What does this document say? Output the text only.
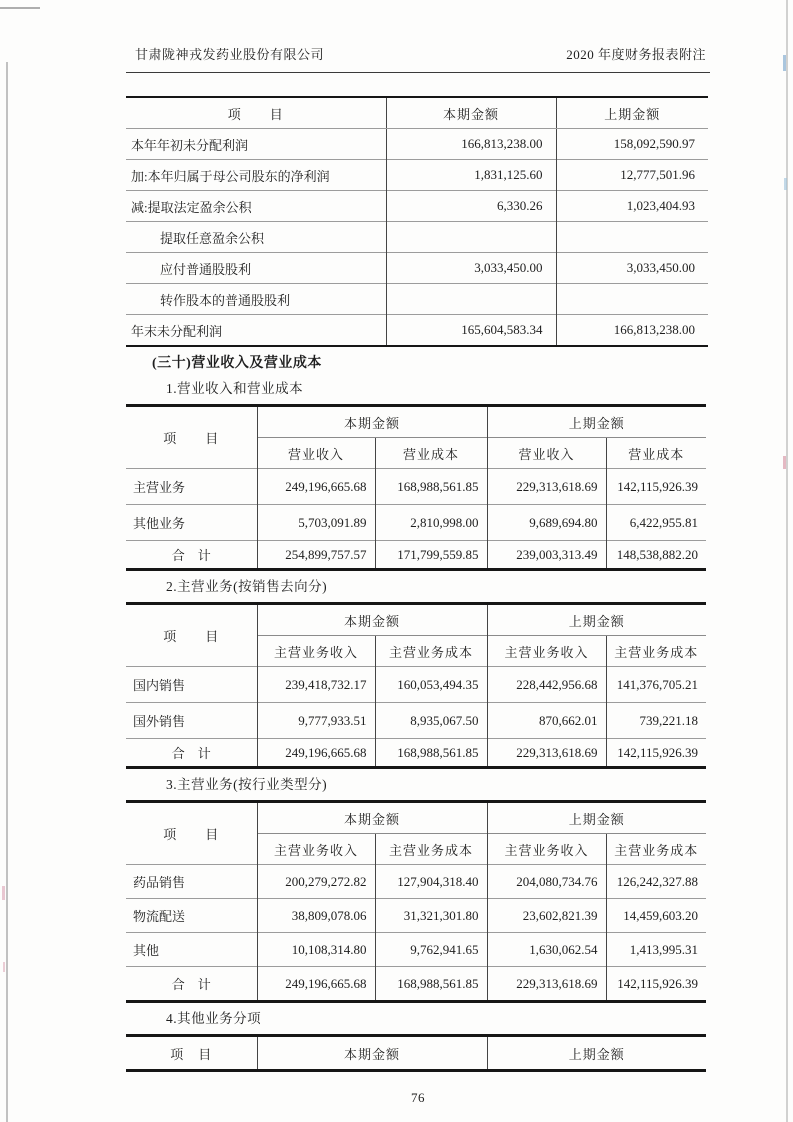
甘肃陇神戎发药业股份有限公司	2020 年度财务报表附注
项　　目	本期金额	上期金额
本年年初未分配利润	166,813,238.00	158,092,590.97
加:本年归属于母公司股东的净利润	1,831,125.60	12,777,501.96
减:提取法定盈余公积	6,330.26	1,023,404.93
提取任意盈余公积		
应付普通股股利	3,033,450.00	3,033,450.00
转作股本的普通股股利		
年末未分配利润	165,604,583.34	166,813,238.00
(三十)营业收入及营业成本
1.营业收入和营业成本
项　　目	本期金额		上期金额	
	营业收入	营业成本	营业收入	营业成本
主营业务	249,196,665.68	168,988,561.85	229,313,618.69	142,115,926.39
其他业务	5,703,091.89	2,810,998.00	9,689,694.80	6,422,955.81
合　计	254,899,757.57	171,799,559.85	239,003,313.49	148,538,882.20
2.主营业务(按销售去向分)
项　　目	本期金额		上期金额	
	主营业务收入	主营业务成本	主营业务收入	主营业务成本
国内销售	239,418,732.17	160,053,494.35	228,442,956.68	141,376,705.21
国外销售	9,777,933.51	8,935,067.50	870,662.01	739,221.18
合　计	249,196,665.68	168,988,561.85	229,313,618.69	142,115,926.39
3.主营业务(按行业类型分)
项　　目	本期金额		上期金额	
	主营业务收入	主营业务成本	主营业务收入	主营业务成本
药品销售	200,279,272.82	127,904,318.40	204,080,734.76	126,242,327.88
物流配送	38,809,078.06	31,321,301.80	23,602,821.39	14,459,603.20
其他	10,108,314.80	9,762,941.65	1,630,062.54	1,413,995.31
合　计	249,196,665.68	168,988,561.85	229,313,618.69	142,115,926.39
4.其他业务分项
项　目	本期金额	上期金额
76
